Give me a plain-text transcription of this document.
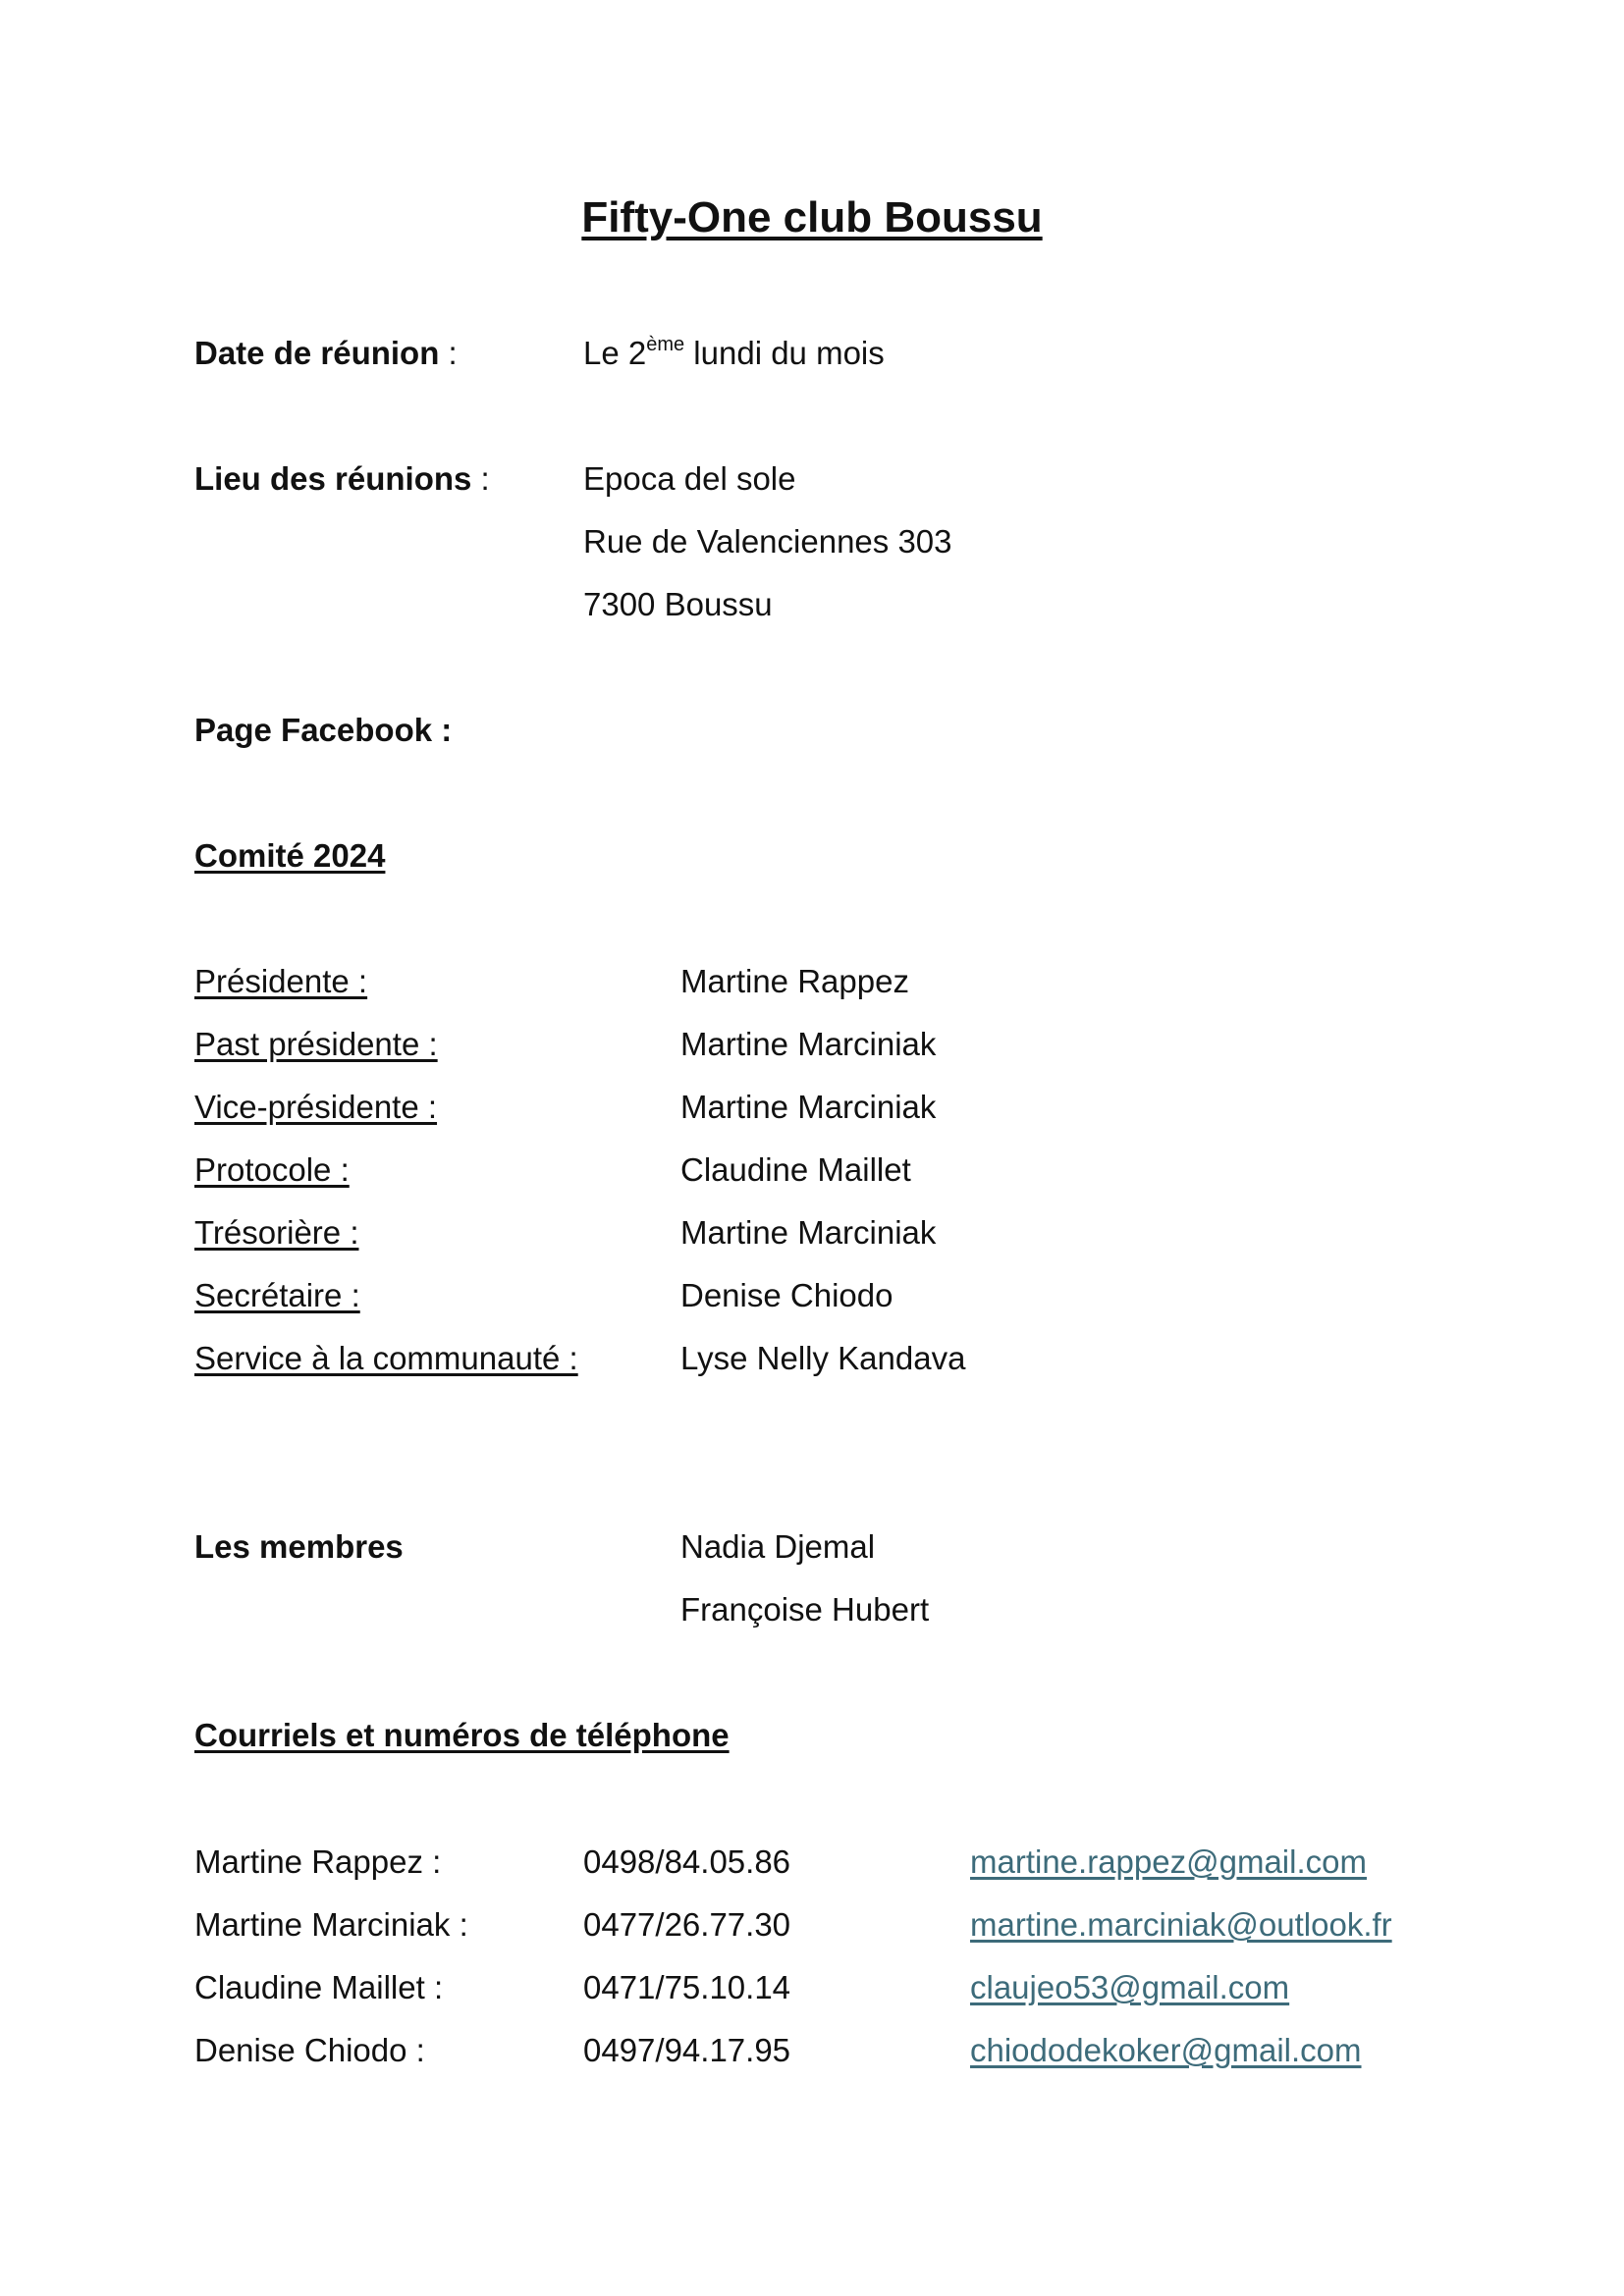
Fifty-One club Boussu
Date de réunion :	Le 2ème lundi du mois
Lieu des réunions :	Epoca del sole
Rue de Valenciennes 303
7300 Boussu
Page Facebook :
Comité 2024
Présidente :	Martine Rappez
Past présidente :	Martine Marciniak
Vice-présidente :	Martine Marciniak
Protocole :	Claudine Maillet
Trésorière :	Martine Marciniak
Secrétaire :	Denise Chiodo
Service à la communauté :	Lyse Nelly Kandava
Les membres	Nadia Djemal
Françoise Hubert
Courriels et numéros de téléphone
Martine Rappez :	0498/84.05.86	martine.rappez@gmail.com
Martine Marciniak :	0477/26.77.30	martine.marciniak@outlook.fr
Claudine Maillet :	0471/75.10.14	claujeo53@gmail.com
Denise Chiodo :	0497/94.17.95	chiododekoker@gmail.com
